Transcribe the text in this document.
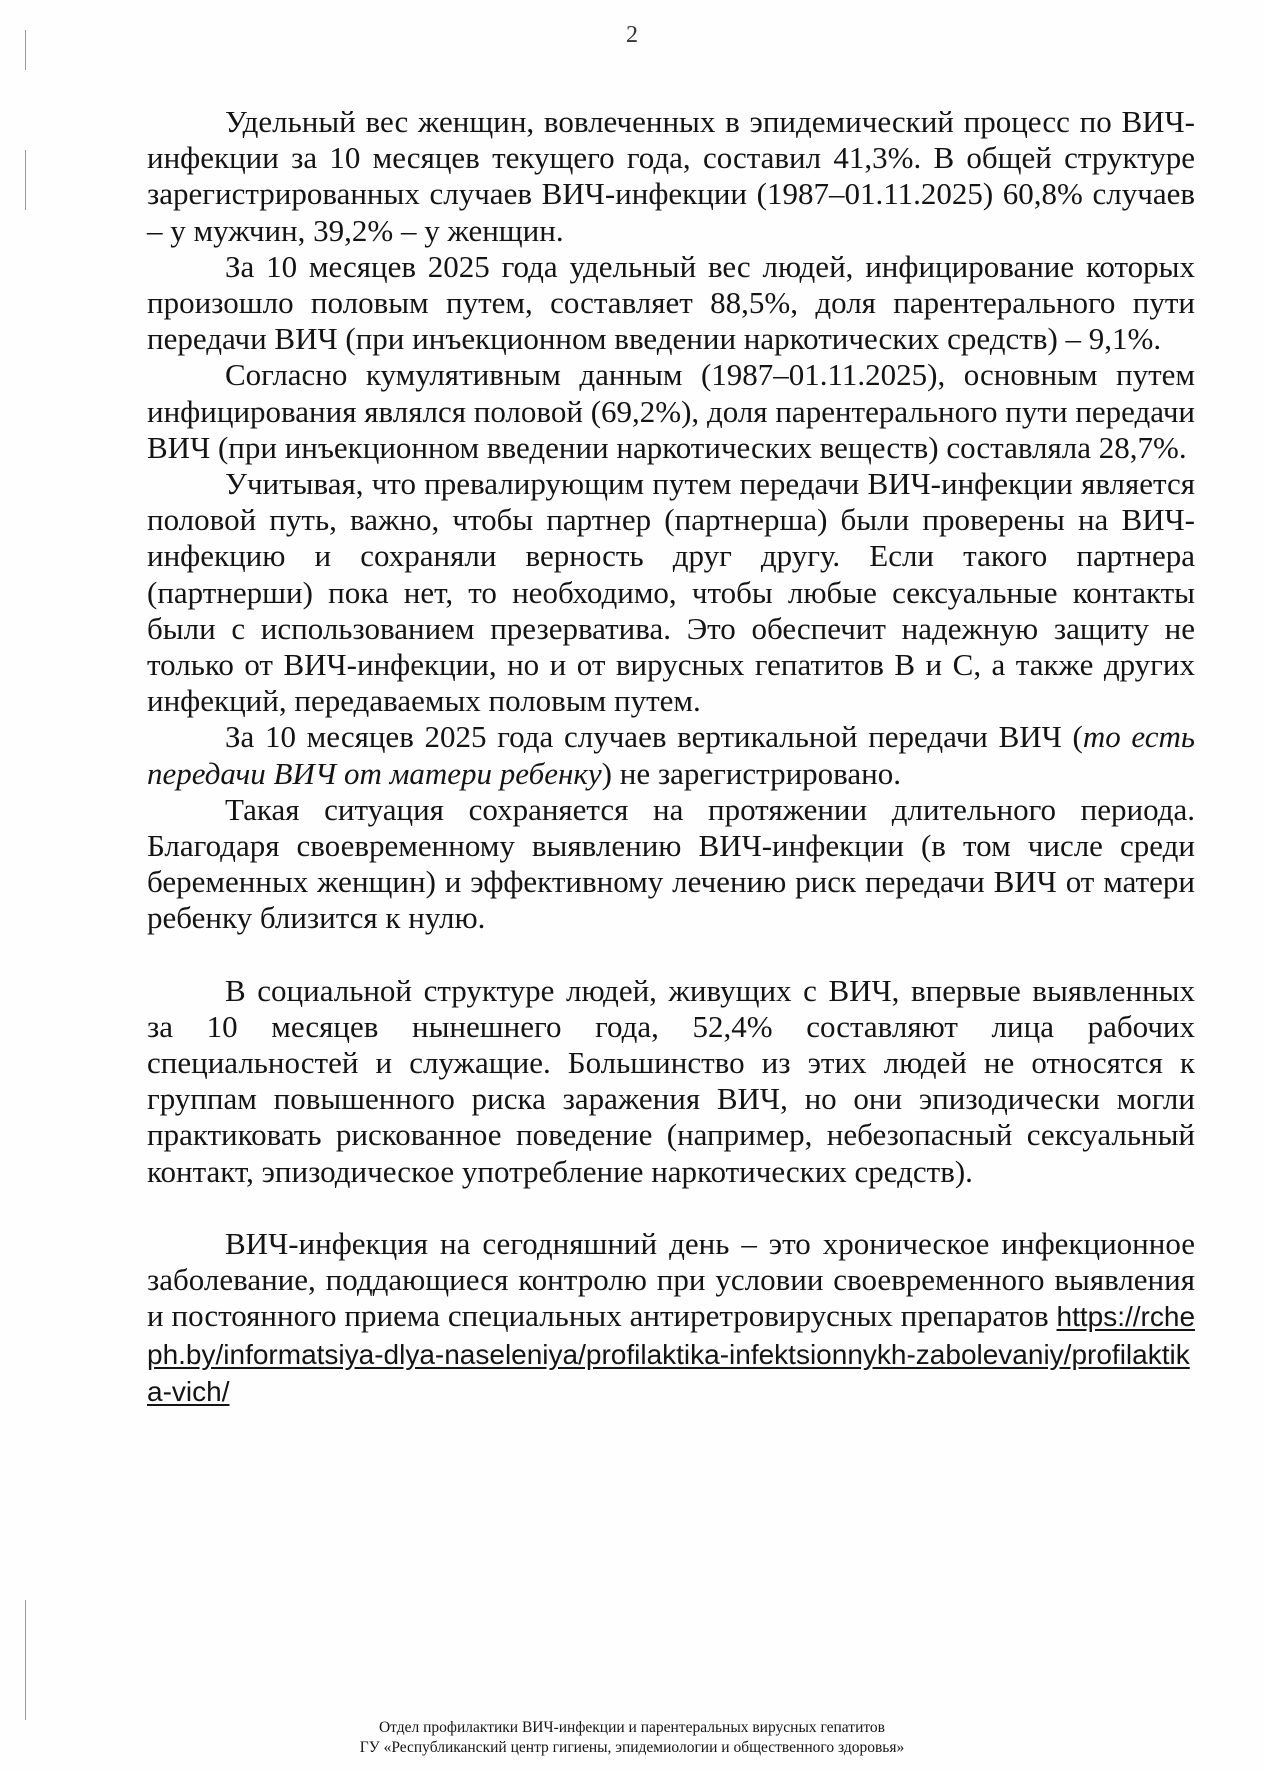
2

Удельный вес женщин, вовлеченных в эпидемический процесс по ВИЧ-инфекции за 10 месяцев текущего года, составил 41,3%. В общей структуре зарегистрированных случаев ВИЧ-инфекции (1987–01.11.2025) 60,8% случаев – у мужчин, 39,2% – у женщин.

За 10 месяцев 2025 года удельный вес людей, инфицирование которых произошло половым путем, составляет 88,5%, доля парентерального пути передачи ВИЧ (при инъекционном введении наркотических средств) – 9,1%.

Согласно кумулятивным данным (1987–01.11.2025), основным путем инфицирования являлся половой (69,2%), доля парентерального пути передачи ВИЧ (при инъекционном введении наркотических веществ) составляла 28,7%.

Учитывая, что превалирующим путем передачи ВИЧ-инфекции является половой путь, важно, чтобы партнер (партнерша) были проверены на ВИЧ-инфекцию и сохраняли верность друг другу. Если такого партнера (партнерши) пока нет, то необходимо, чтобы любые сексуальные контакты были с использованием презерватива. Это обеспечит надежную защиту не только от ВИЧ-инфекции, но и от вирусных гепатитов В и С, а также других инфекций, передаваемых половым путем.

За 10 месяцев 2025 года случаев вертикальной передачи ВИЧ (то есть передачи ВИЧ от матери ребенку) не зарегистрировано.

Такая ситуация сохраняется на протяжении длительного периода. Благодаря своевременному выявлению ВИЧ-инфекции (в том числе среди беременных женщин) и эффективному лечению риск передачи ВИЧ от матери ребенку близится к нулю.

В социальной структуре людей, живущих с ВИЧ, впервые выявленных за 10 месяцев нынешнего года, 52,4% составляют лица рабочих специальностей и служащие. Большинство из этих людей не относятся к группам повышенного риска заражения ВИЧ, но они эпизодически могли практиковать рискованное поведение (например, небезопасный сексуальный контакт, эпизодическое употребление наркотических средств).

ВИЧ-инфекция на сегодняшний день – это хроническое инфекционное заболевание, поддающиеся контролю при условии своевременного выявления и постоянного приема специальных антиретровирусных препаратов https://rcheph.by/informatsiya-dlya-naseleniya/profilaktika-infektsionnykh-zabolevaniy/profilaktika-vich/

Отдел профилактики ВИЧ-инфекции и парентеральных вирусных гепатитов
ГУ «Республиканский центр гигиены, эпидемиологии и общественного здоровья»
